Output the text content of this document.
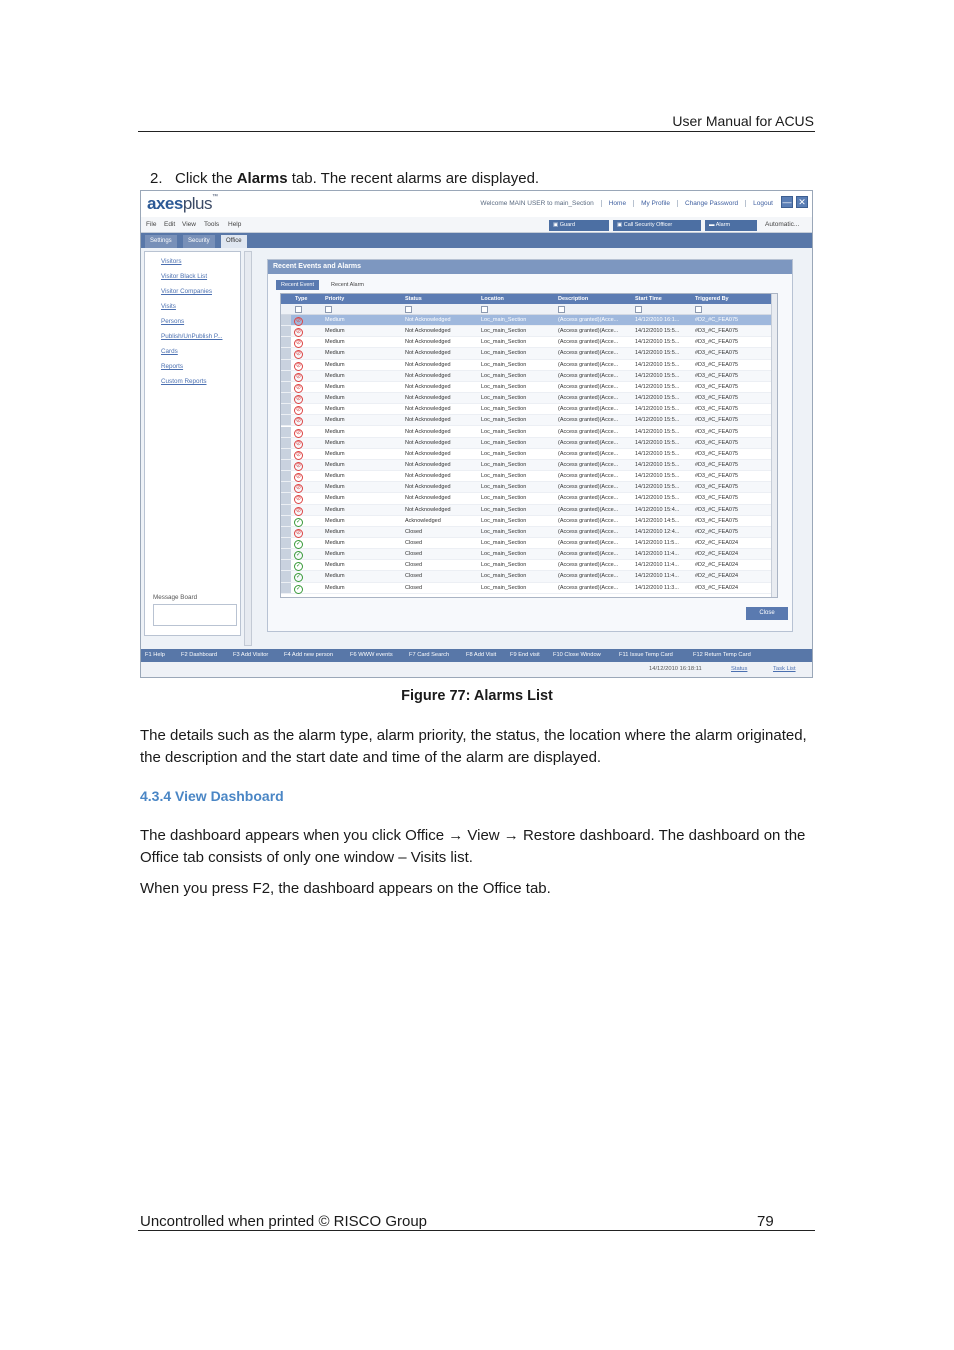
User Manual for ACUS
2. Click the Alarms tab. The recent alarms are displayed.
axesplus™
Welcome MAIN USER to main_Section	Home	My Profile	Change Password	Logout	— ✕
File Edit View Tools Help	▣ Guard	▣ Call Security Officer	▬ Alarm	Automatic...
Settings	Security	Office
Visitors
Visitor Black List
Visitor Companies
Visits
Persons
Publish/UnPublish P...
Cards
Reports
Custom Reports
Message Board
Recent Events and Alarms
Recent Event	Recent Alarm
Type	Priority	Status	Location	Description	Start Time	Triggered By
⊘	Medium	Not Acknowledged	Loc_main_Section	(Access granted)(Acce...	14/12/2010 16:1...	#D2_#C_FEA075
⊘	Medium	Not Acknowledged	Loc_main_Section	(Access granted)(Acce...	14/12/2010 15:5...	#D3_#C_FEA075
⊘	Medium	Not Acknowledged	Loc_main_Section	(Access granted)(Acce...	14/12/2010 15:5...	#D3_#C_FEA075
⊘	Medium	Not Acknowledged	Loc_main_Section	(Access granted)(Acce...	14/12/2010 15:5...	#D3_#C_FEA075
⊘	Medium	Not Acknowledged	Loc_main_Section	(Access granted)(Acce...	14/12/2010 15:5...	#D3_#C_FEA075
⊘	Medium	Not Acknowledged	Loc_main_Section	(Access granted)(Acce...	14/12/2010 15:5...	#D3_#C_FEA075
⊘	Medium	Not Acknowledged	Loc_main_Section	(Access granted)(Acce...	14/12/2010 15:5...	#D3_#C_FEA075
⊘	Medium	Not Acknowledged	Loc_main_Section	(Access granted)(Acce...	14/12/2010 15:5...	#D3_#C_FEA075
⊘	Medium	Not Acknowledged	Loc_main_Section	(Access granted)(Acce...	14/12/2010 15:5...	#D3_#C_FEA075
⊘	Medium	Not Acknowledged	Loc_main_Section	(Access granted)(Acce...	14/12/2010 15:5...	#D3_#C_FEA075
⊘	Medium	Not Acknowledged	Loc_main_Section	(Access granted)(Acce...	14/12/2010 15:5...	#D3_#C_FEA075
⊘	Medium	Not Acknowledged	Loc_main_Section	(Access granted)(Acce...	14/12/2010 15:5...	#D3_#C_FEA075
⊘	Medium	Not Acknowledged	Loc_main_Section	(Access granted)(Acce...	14/12/2010 15:5...	#D3_#C_FEA075
⊘	Medium	Not Acknowledged	Loc_main_Section	(Access granted)(Acce...	14/12/2010 15:5...	#D3_#C_FEA075
⊘	Medium	Not Acknowledged	Loc_main_Section	(Access granted)(Acce...	14/12/2010 15:5...	#D3_#C_FEA075
⊘	Medium	Not Acknowledged	Loc_main_Section	(Access granted)(Acce...	14/12/2010 15:5...	#D3_#C_FEA075
⊘	Medium	Not Acknowledged	Loc_main_Section	(Access granted)(Acce...	14/12/2010 15:5...	#D3_#C_FEA075
⊘	Medium	Not Acknowledged	Loc_main_Section	(Access granted)(Acce...	14/12/2010 15:4...	#D3_#C_FEA075
✓	Medium	Acknowledged	Loc_main_Section	(Access granted)(Acce...	14/12/2010 14:5...	#D3_#C_FEA075
⊘	Medium	Closed	Loc_main_Section	(Access granted)(Acce...	14/12/2010 12:4...	#D2_#C_FEA075
✓	Medium	Closed	Loc_main_Section	(Access granted)(Acce...	14/12/2010 11:5...	#D2_#C_FEA024
✓	Medium	Closed	Loc_main_Section	(Access granted)(Acce...	14/12/2010 11:4...	#D2_#C_FEA024
✓	Medium	Closed	Loc_main_Section	(Access granted)(Acce...	14/12/2010 11:4...	#D2_#C_FEA024
✓	Medium	Closed	Loc_main_Section	(Access granted)(Acce...	14/12/2010 11:4...	#D2_#C_FEA024
✓	Medium	Closed	Loc_main_Section	(Access granted)(Acce...	14/12/2010 11:3...	#D3_#C_FEA024
Close
F1 Help	F2 Dashboard	F3 Add Visitor	F4 Add new person	F6 WWW events	F7 Card Search	F8 Add Visit F9 End visit F10 Close Window	F11 Issue Temp Card	F12 Return Temp Card
14/12/2010 16:18:11	Status	Task List
Figure 77: Alarms List
The details such as the alarm type, alarm priority, the status, the location where the alarm originated, the description and the start date and time of the alarm are displayed.
4.3.4 View Dashboard
The dashboard appears when you click Office → View → Restore dashboard. The dashboard on the Office tab consists of only one window – Visits list.
When you press F2, the dashboard appears on the Office tab.
Uncontrolled when printed © RISCO Group	79
